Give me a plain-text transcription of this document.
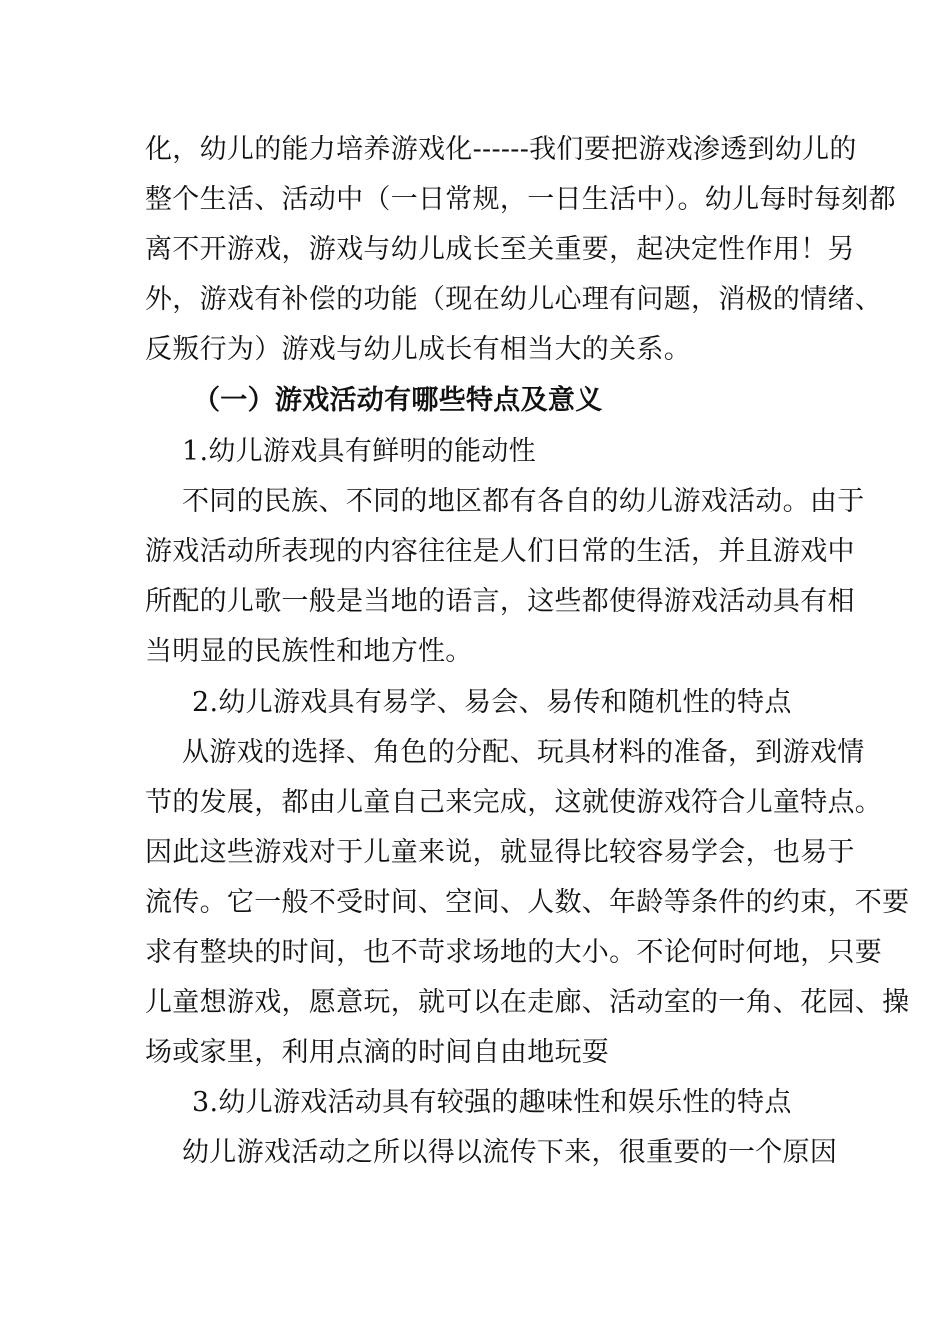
化，幼儿的能力培养游戏化------我们要把游戏渗透到幼儿的
整个生活、活动中（一日常规，一日生活中）。幼儿每时每刻都
离不开游戏，游戏与幼儿成长至关重要，起决定性作用！另
外，游戏有补偿的功能（现在幼儿心理有问题，消极的情绪、
反叛行为）游戏与幼儿成长有相当大的关系。
（一）游戏活动有哪些特点及意义
1.幼儿游戏具有鲜明的能动性
不同的民族、不同的地区都有各自的幼儿游戏活动。由于
游戏活动所表现的内容往往是人们日常的生活，并且游戏中
所配的儿歌一般是当地的语言，这些都使得游戏活动具有相
当明显的民族性和地方性。
2.幼儿游戏具有易学、易会、易传和随机性的特点
从游戏的选择、角色的分配、玩具材料的准备，到游戏情
节的发展，都由儿童自己来完成，这就使游戏符合儿童特点。
因此这些游戏对于儿童来说，就显得比较容易学会，也易于
流传。它一般不受时间、空间、人数、年龄等条件的约束，不要
求有整块的时间，也不苛求场地的大小。不论何时何地，只要
儿童想游戏，愿意玩，就可以在走廊、活动室的一角、花园、操
场或家里，利用点滴的时间自由地玩耍
3.幼儿游戏活动具有较强的趣味性和娱乐性的特点
幼儿游戏活动之所以得以流传下来，很重要的一个原因
